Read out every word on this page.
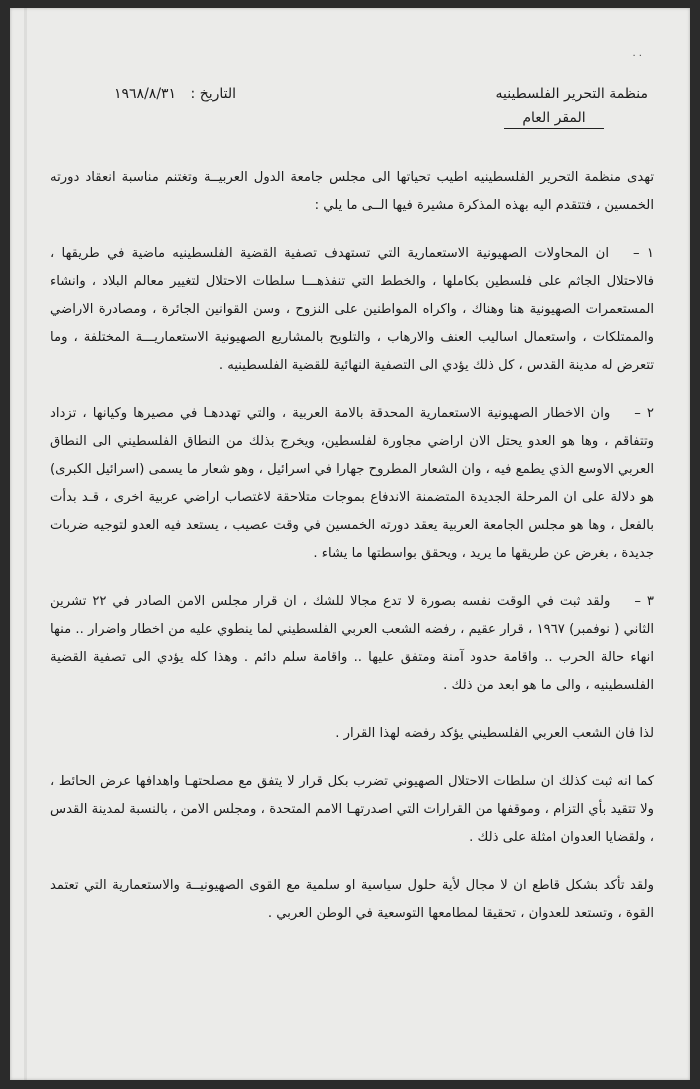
. .
منظمة التحرير الفلسطينيه
المقر العام
التاريخ : ١٩٦٨/٨/٣١

تهدى منظمة التحرير الفلسطينيه اطيب تحياتها الى مجلس جامعة الدول العربيــة وتغتنم مناسبة انعقاد دورته الخمسين ، فتتقدم اليه بهذه المذكرة مشيرة فيها الــى ما يلي :

١ –ان المحاولات الصهيونية الاستعمارية التي تستهدف تصفية القضية الفلسطينيه ماضية في طريقها ، فالاحتلال الجاثم على فلسطين بكاملها ، والخطط التي تنفذهـــا سلطات الاحتلال لتغيير معالم البلاد ، وانشاء المستعمرات الصهيونية هنا وهناك ، واكراه المواطنين على النزوح ، وسن القوانين الجائرة ، ومصادرة الاراضي والممتلكات ، واستعمال اساليب العنف والارهاب ، والتلويح بالمشاريع الصهيونية الاستعماريـــة المختلفة ، وما تتعرض له مدينة القدس ، كل ذلك يؤدي الى التصفية النهائية للقضية الفلسطينيه .

٢ –وان الاخطار الصهيونية الاستعمارية المحدقة بالامة العربية ، والتي تهددهـا في مصيرها وكيانها ، تزداد وتتفاقم ، وها هو العدو يحتل الان اراضي مجاورة لفلسطين، ويخرج بذلك من النطاق الفلسطيني الى النطاق العربي الاوسع الذي يطمع فيه ، وان الشعار المطروح جهارا في اسرائيل ، وهو شعار ما يسمى (اسرائيل الكبرى) هو دلالة على ان المرحلة الجديدة المتضمنة الاندفاع بموجات متلاحقة لاغتصاب اراضي عربية اخرى ، قـد بدأت بالفعل ، وها هو مجلس الجامعة العربية يعقد دورته الخمسين في وقت عصيب ، يستعد فيه العدو لتوجيه ضربات جديدة ، بغرض عن طريقها ما يريد ، ويحقق بواسطتها ما يشاء .

٣ –ولقد ثبت في الوقت نفسه بصورة لا تدع مجالا للشك ، ان قرار مجلس الامن الصادر في ٢٢ تشرين الثاني ( نوفمبر) ١٩٦٧ ، قرار عقيم ، رفضه الشعب العربي الفلسطيني لما ينطوي عليه من اخطار واضرار .. منها انهاء حالة الحرب .. واقامة حدود آمنة ومتفق عليها .. واقامة سلم دائم . وهذا كله يؤدي الى تصفية القضية الفلسطينيه ، والى ما هو ابعد من ذلك .

لذا فان الشعب العربي الفلسطيني يؤكد رفضه لهذا القرار .

كما انه ثبت كذلك ان سلطات الاحتلال الصهيوني تضرب بكل قرار لا يتفق مع مصلحتهـا واهدافها عرض الحائط ، ولا تتقيد بأي التزام ، وموقفها من القرارات التي اصدرتهـا الامم المتحدة ، ومجلس الامن ، بالنسبة لمدينة القدس ، ولقضايا العدوان امثلة على ذلك .

ولقد تأكد بشكل قاطع ان لا مجال لأية حلول سياسية او سلمية مع القوى الصهيونيــة والاستعمارية التي تعتمد القوة ، وتستعد للعدوان ، تحقيقا لمطامعها التوسعية في الوطن العربي .
